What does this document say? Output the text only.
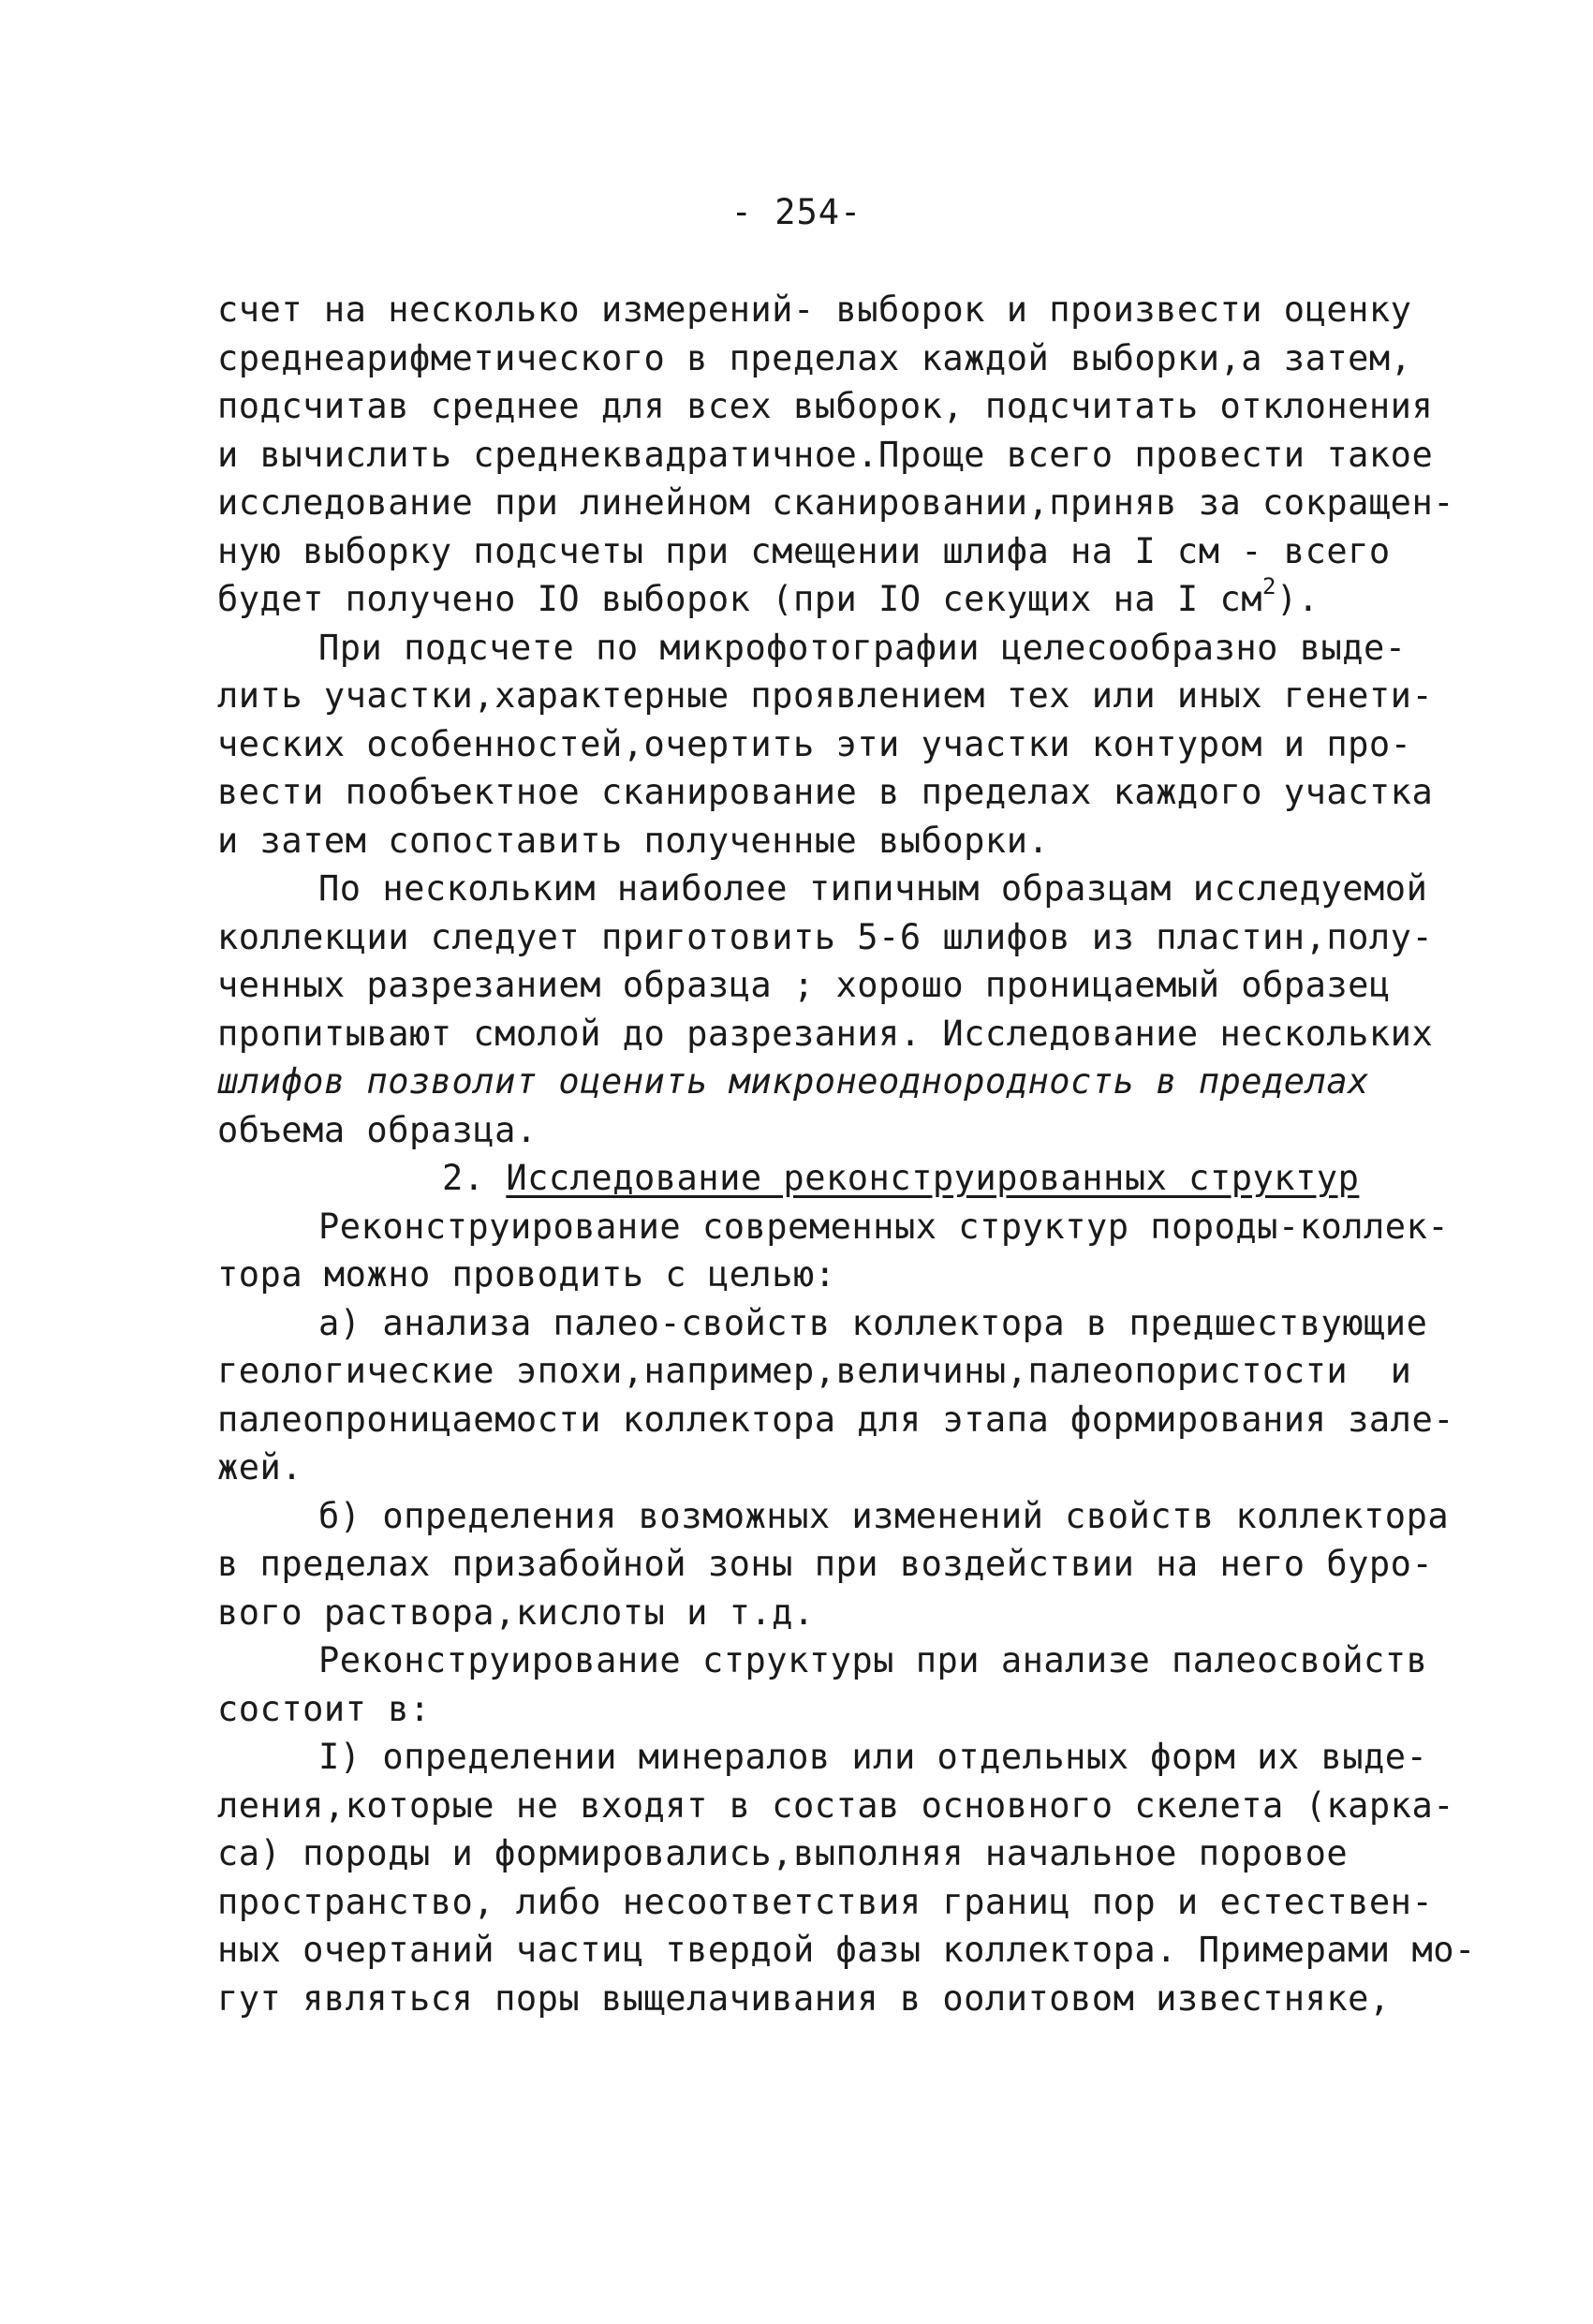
- 254-
счет на несколько измерений- выборок и произвести оценку
среднеарифметического в пределах каждой выборки,а затем,
подсчитав среднее для всех выборок, подсчитать отклонения
и вычислить среднеквадратичное.Проще всего провести такое
исследование при линейном сканировании,приняв за сокращен-
ную выборку подсчеты при смещении шлифа на I см - всего
будет получено IO выборок (при IO секущих на I $см^2$).
При подсчете по микрофотографии целесообразно выде-
лить участки,характерные проявлением тех или иных генети-
ческих особенностей,очертить эти участки контуром и про-
вести пообъектное сканирование в пределах каждого участка
и затем сопоставить полученные выборки.
По нескольким наиболее типичным образцам исследуемой
коллекции следует приготовить 5-6 шлифов из пластин,полу-
ченных разрезанием образца ; хорошо проницаемый образец
пропитывают смолой до разрезания. Исследование нескольких
шлифов позволит оценить микронеоднородность в пределах
объема образца.
2. Исследование реконструированных структур
Реконструирование современных структур породы-коллек-
тора можно проводить с целью:
а) анализа палео-свойств коллектора в предшествующие
геологические эпохи,например,величины,палеопористости  и
палеопроницаемости коллектора для этапа формирования зале-
жей.
б) определения возможных изменений свойств коллектора
в пределах призабойной зоны при воздействии на него буро-
вого раствора,кислоты и т.д.
Реконструирование структуры при анализе палеосвойств
состоит в:
I) определении минералов или отдельных форм их выде-
ления,которые не входят в состав основного скелета (карка-
са) породы и формировались,выполняя начальное поровое
пространство, либо несоответствия границ пор и естествен-
ных очертаний частиц твердой фазы коллектора. Примерами мо-
гут являться поры выщелачивания в оолитовом известняке,
